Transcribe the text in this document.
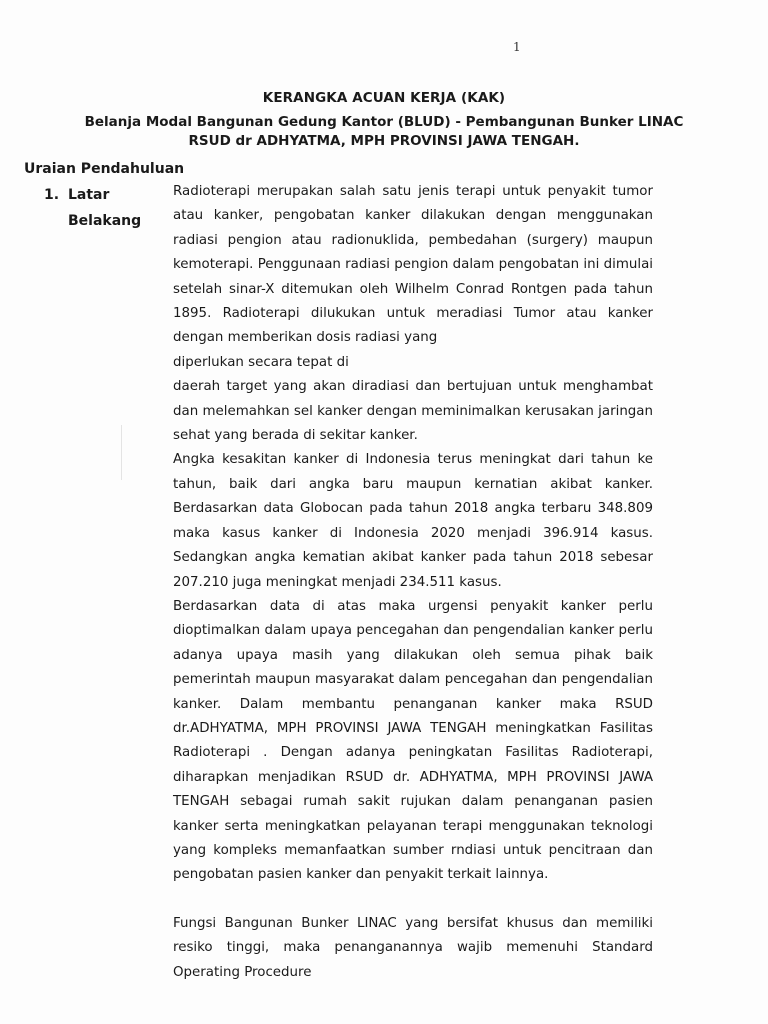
1
KERANGKA ACUAN KERJA (KAK)
Belanja Modal Bangunan Gedung Kantor (BLUD) - Pembangunan Bunker LINAC
RSUD dr ADHYATMA, MPH PROVINSI JAWA TENGAH.
Uraian Pendahuluan
1. Latar
Belakang

Radioterapi merupakan salah satu jenis terapi untuk penyakit tumor atau kanker, pengobatan kanker dilakukan dengan menggunakan radiasi pengion atau radionuklida, pembedahan (surgery) maupun kemoterapi. Penggunaan radiasi pengion dalam pengobatan ini dimulai setelah sinar-X ditemukan oleh Wilhelm Conrad Rontgen pada tahun 1895. Radioterapi dilukukan untuk meradiasi Tumor atau kanker dengan memberikan dosis radiasi yang

diperlukan secara tepat di

daerah target yang akan diradiasi dan bertujuan untuk menghambat dan melemahkan sel kanker dengan meminimalkan kerusakan jaringan sehat yang berada di sekitar kanker.

Angka kesakitan kanker di Indonesia terus meningkat dari tahun ke tahun, baik dari angka baru maupun kernatian akibat kanker. Berdasarkan data Globocan pada tahun 2018 angka terbaru 348.809 maka kasus kanker di Indonesia 2020 menjadi 396.914 kasus. Sedangkan angka kematian akibat kanker pada tahun 2018 sebesar 207.210 juga meningkat menjadi 234.511 kasus.

Berdasarkan data di atas maka urgensi penyakit kanker perlu dioptimalkan dalam upaya pencegahan dan pengendalian kanker perlu adanya upaya masih yang dilakukan oleh semua pihak baik pemerintah maupun masyarakat dalam pencegahan dan pengendalian kanker. Dalam membantu penanganan kanker maka RSUD dr.ADHYATMA, MPH PROVINSI JAWA TENGAH meningkatkan Fasilitas Radioterapi . Dengan adanya peningkatan Fasilitas Radioterapi, diharapkan menjadikan RSUD dr. ADHYATMA, MPH PROVINSI JAWA TENGAH sebagai rumah sakit rujukan dalam penanganan pasien kanker serta meningkatkan pelayanan terapi menggunakan teknologi yang kompleks memanfaatkan sumber rndiasi untuk pencitraan dan pengobatan pasien kanker dan penyakit terkait lainnya.

Fungsi Bangunan Bunker LINAC yang bersifat khusus dan memiliki resiko tinggi, maka penanganannya wajib memenuhi Standard Operating Procedure
